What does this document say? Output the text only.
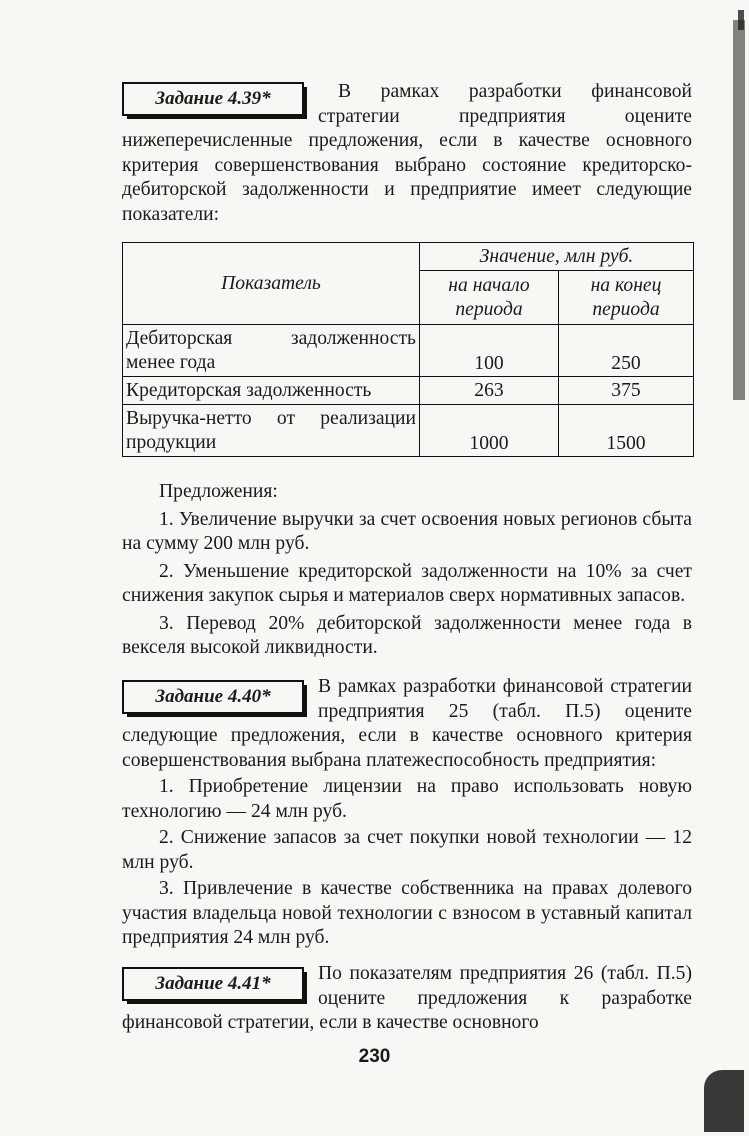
Задание 4.39*	В рамках разработки финансовой стратегии предприятия оцените нижеперечисленные предложения, если в качестве основного критерия совершенствования выбрано состояние кредиторско-дебиторской задолженности и предприятие имеет следующие показатели:

Показатель	Значение, млн руб.	
	на начало периода	на конец периода
Дебиторская задолженность менее года	100	250
Кредиторская задолженность	263	375
Выручка-нетто от реализации продукции	1000	1500

Предложения:

1. Увеличение выручки за счет освоения новых регионов сбыта на сумму 200 млн руб.

2. Уменьшение кредиторской задолженности на 10% за счет снижения закупок сырья и материалов сверх нормативных запасов.

3. Перевод 20% дебиторской задолженности менее года в векселя высокой ликвидности.

Задание 4.40*	В рамках разработки финансовой стратегии предприятия 25 (табл. П.5) оцените следующие предложения, если в качестве основного критерия совершенствования выбрана платежеспособность предприятия:

1. Приобретение лицензии на право использовать новую технологию — 24 млн руб.

2. Снижение запасов за счет покупки новой технологии — 12 млн руб.

3. Привлечение в качестве собственника на правах долевого участия владельца новой технологии с взносом в уставный капитал предприятия 24 млн руб.

Задание 4.41*	По показателям предприятия 26 (табл. П.5) оцените предложения к разработке финансовой стратегии, если в качестве основного

230
